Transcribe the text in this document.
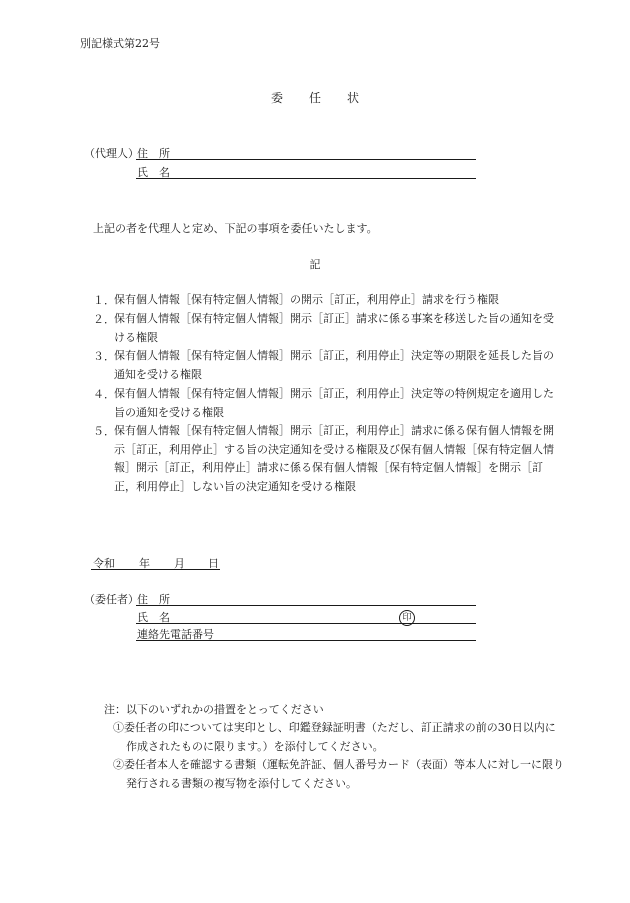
別記様式第22号
委 任 状
（代理人）
住　所
氏　名
上記の者を代理人と定め、下記の事項を委任いたします。
記
１． 保有個人情報［保有特定個人情報］の開示［訂正，利用停止］請求を行う権限
２． 保有個人情報［保有特定個人情報］開示［訂正］請求に係る事案を移送した旨の通知を受ける権限
３． 保有個人情報［保有特定個人情報］開示［訂正，利用停止］決定等の期限を延長した旨の通知を受ける権限
４． 保有個人情報［保有特定個人情報］開示［訂正，利用停止］決定等の特例規定を適用した旨の通知を受ける権限
５． 保有個人情報［保有特定個人情報］開示［訂正，利用停止］請求に係る保有個人情報を開示［訂正，利用停止］する旨の決定通知を受ける権限及び保有個人情報［保有特定個人情報］開示［訂正，利用停止］請求に係る保有個人情報［保有特定個人情報］を開示［訂正，利用停止］しない旨の決定通知を受ける権限
令和 年 月 日
（委任者）
住　所
氏　名	印
連絡先電話番号
注：以下のいずれかの措置をとってください
①委任者の印については実印とし、印鑑登録証明書（ただし、訂正請求の前の30日以内に作成されたものに限ります。）を添付してください。
②委任者本人を確認する書類（運転免許証、個人番号カード（表面）等本人に対し一に限り発行される書類の複写物を添付してください。
